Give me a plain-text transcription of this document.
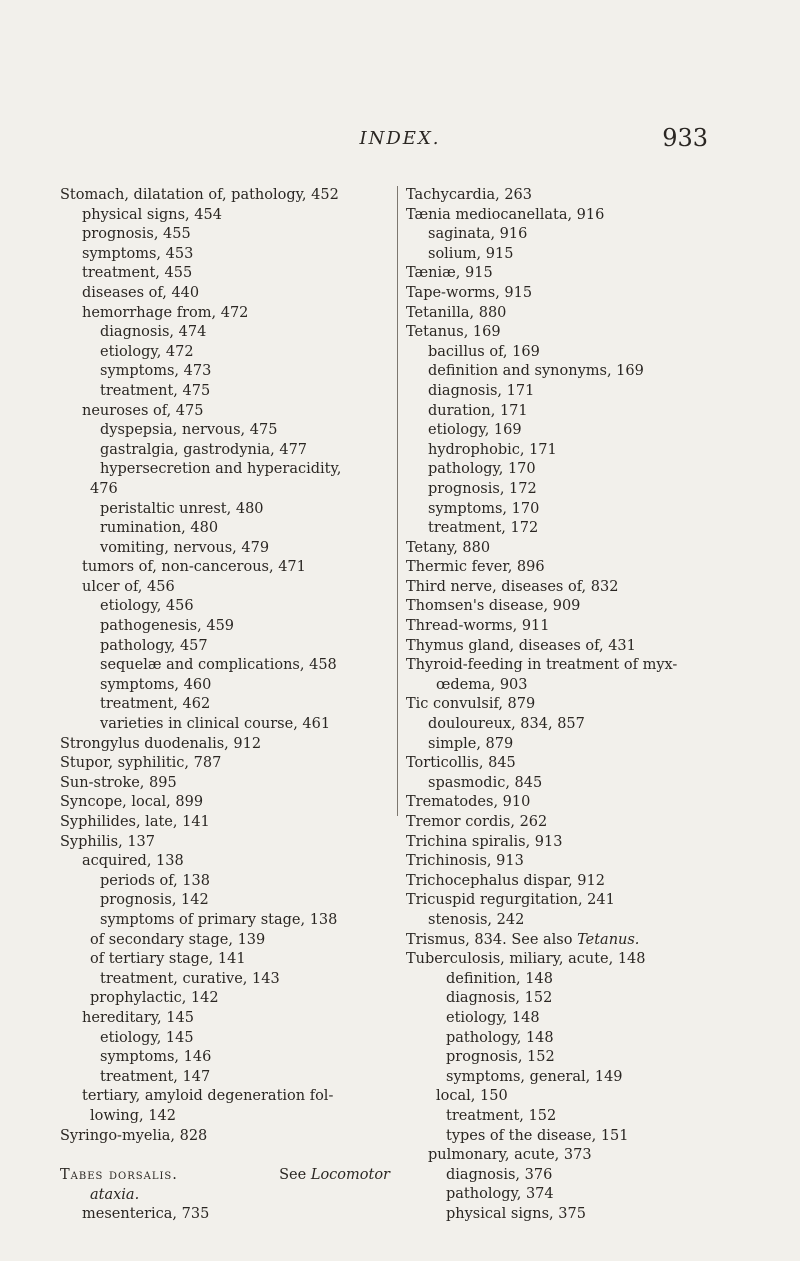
INDEX.	933
Stomach, dilatation of, pathology, 452
physical signs, 454
prognosis, 455
symptoms, 453
treatment, 455
diseases of, 440
hemorrhage from, 472
diagnosis, 474
etiology, 472
symptoms, 473
treatment, 475
neuroses of, 475
dyspepsia, nervous, 475
gastralgia, gastrodynia, 477
hypersecretion and hyperacidity,
476
peristaltic unrest, 480
rumination, 480
vomiting, nervous, 479
tumors of, non-cancerous, 471
ulcer of, 456
etiology, 456
pathogenesis, 459
pathology, 457
sequelæ and complications, 458
symptoms, 460
treatment, 462
varieties in clinical course, 461
Strongylus duodenalis, 912
Stupor, syphilitic, 787
Sun-stroke, 895
Syncope, local, 899
Syphilides, late, 141
Syphilis, 137
acquired, 138
periods of, 138
prognosis, 142
symptoms of primary stage, 138
of secondary stage, 139
of tertiary stage, 141
treatment, curative, 143
prophylactic, 142
hereditary, 145
etiology, 145
symptoms, 146
treatment, 147
tertiary, amyloid degeneration fol-
lowing, 142
Syringo-myelia, 828
Tabes dorsalis.	See Locomotor
ataxia.
mesenterica, 735
Tachycardia, 263
Tænia mediocanellata, 916
saginata, 916
solium, 915
Tæniæ, 915
Tape-worms, 915
Tetanilla, 880
Tetanus, 169
bacillus of, 169
definition and synonyms, 169
diagnosis, 171
duration, 171
etiology, 169
hydrophobic, 171
pathology, 170
prognosis, 172
symptoms, 170
treatment, 172
Tetany, 880
Thermic fever, 896
Third nerve, diseases of, 832
Thomsen's disease, 909
Thread-worms, 911
Thymus gland, diseases of, 431
Thyroid-feeding in treatment of myx-
œdema, 903
Tic convulsif, 879
douloureux, 834, 857
simple, 879
Torticollis, 845
spasmodic, 845
Trematodes, 910
Tremor cordis, 262
Trichina spiralis, 913
Trichinosis, 913
Trichocephalus dispar, 912
Tricuspid regurgitation, 241
stenosis, 242
Trismus, 834. See also Tetanus.
Tuberculosis, miliary, acute, 148
definition, 148
diagnosis, 152
etiology, 148
pathology, 148
prognosis, 152
symptoms, general, 149
local, 150
treatment, 152
types of the disease, 151
pulmonary, acute, 373
diagnosis, 376
pathology, 374
physical signs, 375
